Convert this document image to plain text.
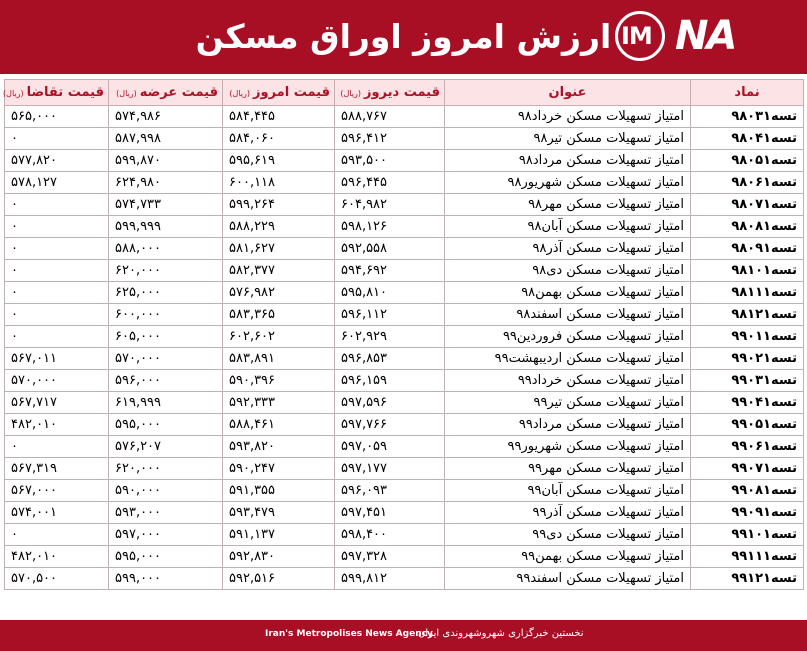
ارزش امروز اوراق مسکن IM NA
نماد	عنوان	قیمت دیروز(ریال)	قیمت امروز(ریال)	قیمت عرضه(ریال)	قیمت تقاضا(ریال)
تسه۹۸۰۳۱	امتیاز تسهیلات مسکن خرداد۹۸	۵۸۸,۷۶۷	۵۸۴,۴۴۵	۵۷۴,۹۸۶	۵۶۵,۰۰۰
تسه۹۸۰۴۱	امتیاز تسهیلات مسکن تیر۹۸	۵۹۶,۴۱۲	۵۸۴,۰۶۰	۵۸۷,۹۹۸	۰
تسه۹۸۰۵۱	امتیاز تسهیلات مسکن مرداد۹۸	۵۹۳,۵۰۰	۵۹۵,۶۱۹	۵۹۹,۸۷۰	۵۷۷,۸۲۰
تسه۹۸۰۶۱	امتیاز تسهیلات مسکن شهریور۹۸	۵۹۶,۴۴۵	۶۰۰,۱۱۸	۶۲۴,۹۸۰	۵۷۸,۱۲۷
تسه۹۸۰۷۱	امتیاز تسهیلات مسکن مهر۹۸	۶۰۴,۹۸۲	۵۹۹,۲۶۴	۵۷۴,۷۳۳	۰
تسه۹۸۰۸۱	امتیاز تسهیلات مسکن آبان۹۸	۵۹۸,۱۲۶	۵۸۸,۲۲۹	۵۹۹,۹۹۹	۰
تسه۹۸۰۹۱	امتیاز تسهیلات مسکن آذر۹۸	۵۹۲,۵۵۸	۵۸۱,۶۲۷	۵۸۸,۰۰۰	۰
تسه۹۸۱۰۱	امتیاز تسهیلات مسکن دی۹۸	۵۹۴,۶۹۲	۵۸۲,۳۷۷	۶۲۰,۰۰۰	۰
تسه۹۸۱۱۱	امتیاز تسهیلات مسکن بهمن۹۸	۵۹۵,۸۱۰	۵۷۶,۹۸۲	۶۲۵,۰۰۰	۰
تسه۹۸۱۲۱	امتیاز تسهیلات مسکن اسفند۹۸	۵۹۶,۱۱۲	۵۸۳,۳۶۵	۶۰۰,۰۰۰	۰
تسه۹۹۰۱۱	امتیاز تسهیلات مسکن فروردین۹۹	۶۰۲,۹۲۹	۶۰۲,۶۰۲	۶۰۵,۰۰۰	۰
تسه۹۹۰۲۱	امتیاز تسهیلات مسکن اردیبهشت۹۹	۵۹۶,۸۵۳	۵۸۳,۸۹۱	۵۷۰,۰۰۰	۵۶۷,۰۱۱
تسه۹۹۰۳۱	امتیاز تسهیلات مسکن خرداد۹۹	۵۹۶,۱۵۹	۵۹۰,۳۹۶	۵۹۶,۰۰۰	۵۷۰,۰۰۰
تسه۹۹۰۴۱	امتیاز تسهیلات مسکن تیر۹۹	۵۹۷,۵۹۶	۵۹۲,۳۳۳	۶۱۹,۹۹۹	۵۶۷,۷۱۷
تسه۹۹۰۵۱	امتیاز تسهیلات مسکن مرداد۹۹	۵۹۷,۷۶۶	۵۸۸,۴۶۱	۵۹۵,۰۰۰	۴۸۲,۰۱۰
تسه۹۹۰۶۱	امتیاز تسهیلات مسکن شهریور۹۹	۵۹۷,۰۵۹	۵۹۳,۸۲۰	۵۷۶,۲۰۷	۰
تسه۹۹۰۷۱	امتیاز تسهیلات مسکن مهر۹۹	۵۹۷,۱۷۷	۵۹۰,۲۴۷	۶۲۰,۰۰۰	۵۶۷,۳۱۹
تسه۹۹۰۸۱	امتیاز تسهیلات مسکن آبان۹۹	۵۹۶,۰۹۳	۵۹۱,۳۵۵	۵۹۰,۰۰۰	۵۶۷,۰۰۰
تسه۹۹۰۹۱	امتیاز تسهیلات مسکن آذر۹۹	۵۹۷,۴۵۱	۵۹۳,۴۷۹	۵۹۳,۰۰۰	۵۷۴,۰۰۱
تسه۹۹۱۰۱	امتیاز تسهیلات مسکن دی۹۹	۵۹۸,۴۰۰	۵۹۱,۱۳۷	۵۹۷,۰۰۰	۰
تسه۹۹۱۱۱	امتیاز تسهیلات مسکن بهمن۹۹	۵۹۷,۳۲۸	۵۹۲,۸۳۰	۵۹۵,۰۰۰	۴۸۲,۰۱۰
تسه۹۹۱۲۱	امتیاز تسهیلات مسکن اسفند۹۹	۵۹۹,۸۱۲	۵۹۲,۵۱۶	۵۹۹,۰۰۰	۵۷۰,۵۰۰
Iran's Metropolises News Agency
نخستین خبرگزاری شهروشهروندی ایران
